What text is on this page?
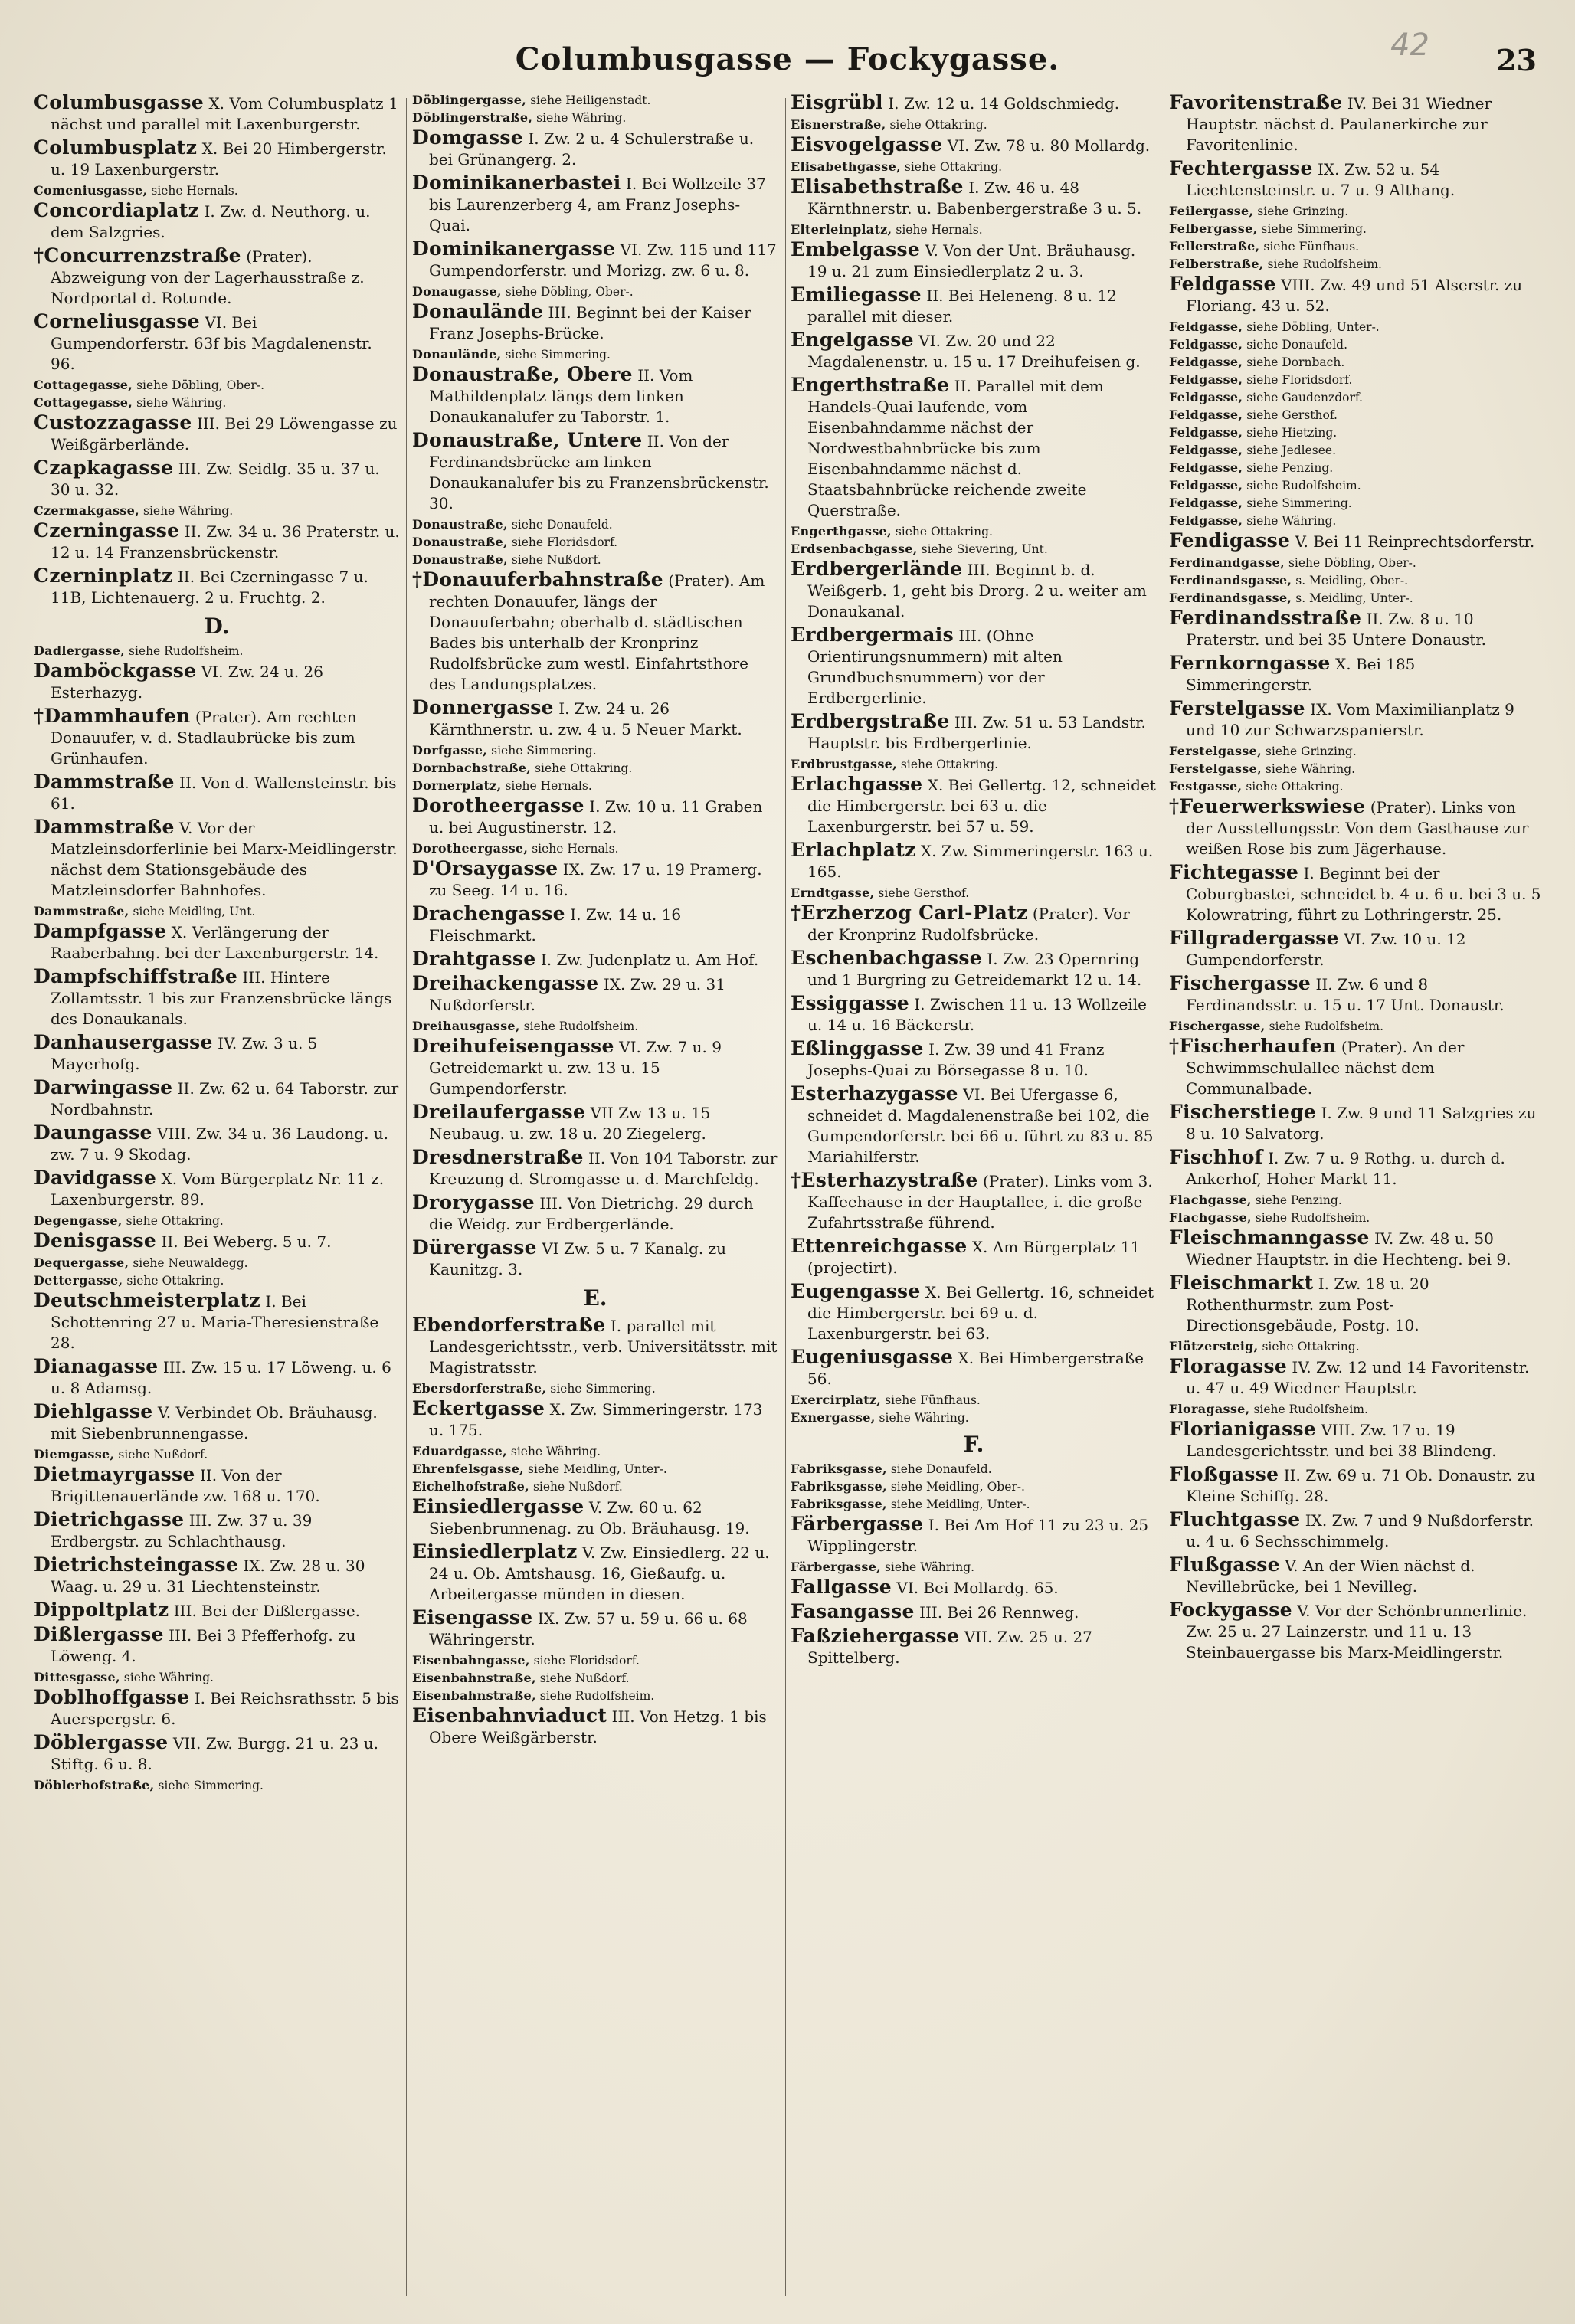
Columbusgasse — Fockygasse.	42 23

Columbusgasse X. Vom Columbusplatz 1 nächst und parallel mit Laxenburgerstr.

Columbusplatz X. Bei 20 Himbergerstr. u. 19 Laxenburgerstr.

Comeniusgasse, siehe Hernals.

Concordiaplatz I. Zw. d. Neuthorg. u. dem Salzgries.

†Concurrenzstraße (Prater). Abzweigung von der Lagerhausstraße z. Nordportal d. Rotunde.

Corneliusgasse VI. Bei Gumpendorferstr. 63f bis Magdalenenstr. 96.

Cottagegasse, siehe Döbling, Ober-.

Cottagegasse, siehe Währing.

Custozzagasse III. Bei 29 Löwengasse zu Weißgärberlände.

Czapkagasse III. Zw. Seidlg. 35 u. 37 u. 30 u. 32.

Czermakgasse, siehe Währing.

Czerningasse II. Zw. 34 u. 36 Praterstr. u. 12 u. 14 Franzensbrückenstr.

Czerninplatz II. Bei Czerningasse 7 u. 11B, Lichtenauerg. 2 u. Fruchtg. 2.

D.

Dadlergasse, siehe Rudolfsheim.

Damböckgasse VI. Zw. 24 u. 26 Esterhazyg.

†Dammhaufen (Prater). Am rechten Donauufer, v. d. Stadlaubrücke bis zum Grünhaufen.

Dammstraße II. Von d. Wallensteinstr. bis 61.

Dammstraße V. Vor der Matzleinsdorferlinie bei Marx-Meidlingerstr. nächst dem Stationsgebäude des Matzleinsdorfer Bahnhofes.

Dammstraße, siehe Meidling, Unt.

Dampfgasse X. Verlängerung der Raaberbahng. bei der Laxenburgerstr. 14.

Dampfschiffstraße III. Hintere Zollamtsstr. 1 bis zur Franzensbrücke längs des Donaukanals.

Danhausergasse IV. Zw. 3 u. 5 Mayerhofg.

Darwingasse II. Zw. 62 u. 64 Taborstr. zur Nordbahnstr.

Daungasse VIII. Zw. 34 u. 36 Laudong. u. zw. 7 u. 9 Skodag.

Davidgasse X. Vom Bürgerplatz Nr. 11 z. Laxenburgerstr. 89.

Degengasse, siehe Ottakring.

Denisgasse II. Bei Weberg. 5 u. 7.

Dequergasse, siehe Neuwaldegg.

Dettergasse, siehe Ottakring.

Deutschmeisterplatz I. Bei Schottenring 27 u. Maria-Theresienstraße 28.

Dianagasse III. Zw. 15 u. 17 Löweng. u. 6 u. 8 Adamsg.

Diehlgasse V. Verbindet Ob. Bräuhausg. mit Siebenbrunnengasse.

Diemgasse, siehe Nußdorf.

Dietmayrgasse II. Von der Brigittenauerlände zw. 168 u. 170.

Dietrichgasse III. Zw. 37 u. 39 Erdbergstr. zu Schlachthausg.

Dietrichsteingasse IX. Zw. 28 u. 30 Waag. u. 29 u. 31 Liechtensteinstr.

Dippoltplatz III. Bei der Dißlergasse.

Dißlergasse III. Bei 3 Pfefferhofg. zu Löweng. 4.

Dittesgasse, siehe Währing.

Doblhoffgasse I. Bei Reichsrathsstr. 5 bis Auerspergstr. 6.

Döblergasse VII. Zw. Burgg. 21 u. 23 u. Stiftg. 6 u. 8.

Döblerhofstraße, siehe Simmering.

Döblingergasse, siehe Heiligenstadt.

Döblingerstraße, siehe Währing.

Domgasse I. Zw. 2 u. 4 Schulerstraße u. bei Grünangerg. 2.

Dominikanerbastei I. Bei Wollzeile 37 bis Laurenzerberg 4, am Franz Josephs-Quai.

Dominikanergasse VI. Zw. 115 und 117 Gumpendorferstr. und Morizg. zw. 6 u. 8.

Donaugasse, siehe Döbling, Ober-.

Donaulände III. Beginnt bei der Kaiser Franz Josephs-Brücke.

Donaulände, siehe Simmering.

Donaustraße, Obere II. Vom Mathildenplatz längs dem linken Donaukanalufer zu Taborstr. 1.

Donaustraße, Untere II. Von der Ferdinandsbrücke am linken Donaukanalufer bis zu Franzensbrückenstr. 30.

Donaustraße, siehe Donaufeld.

Donaustraße, siehe Floridsdorf.

Donaustraße, siehe Nußdorf.

†Donauuferbahnstraße (Prater). Am rechten Donauufer, längs der Donauuferbahn; oberhalb d. städtischen Bades bis unterhalb der Kronprinz Rudolfsbrücke zum westl. Einfahrtsthore des Landungsplatzes.

Donnergasse I. Zw. 24 u. 26 Kärnthnerstr. u. zw. 4 u. 5 Neuer Markt.

Dorfgasse, siehe Simmering.

Dornbachstraße, siehe Ottakring.

Dornerplatz, siehe Hernals.

Dorotheergasse I. Zw. 10 u. 11 Graben u. bei Augustinerstr. 12.

Dorotheergasse, siehe Hernals.

D'Orsaygasse IX. Zw. 17 u. 19 Pramerg. zu Seeg. 14 u. 16.

Drachengasse I. Zw. 14 u. 16 Fleischmarkt.

Drahtgasse I. Zw. Judenplatz u. Am Hof.

Dreihackengasse IX. Zw. 29 u. 31 Nußdorferstr.

Dreihausgasse, siehe Rudolfsheim.

Dreihufeisengasse VI. Zw. 7 u. 9 Getreidemarkt u. zw. 13 u. 15 Gumpendorferstr.

Dreilaufergasse VII Zw 13 u. 15 Neubaug. u. zw. 18 u. 20 Ziegelerg.

Dresdnerstraße II. Von 104 Taborstr. zur Kreuzung d. Stromgasse u. d. Marchfeldg.

Drorygasse III. Von Dietrichg. 29 durch die Weidg. zur Erdbergerlände.

Dürergasse VI Zw. 5 u. 7 Kanalg. zu Kaunitzg. 3.

E.

Ebendorferstraße I. parallel mit Landesgerichtsstr., verb. Universitätsstr. mit Magistratsstr.

Ebersdorferstraße, siehe Simmering.

Eckertgasse X. Zw. Simmeringerstr. 173 u. 175.

Eduardgasse, siehe Währing.

Ehrenfelsgasse, siehe Meidling, Unter-.

Eichelhofstraße, siehe Nußdorf.

Einsiedlergasse V. Zw. 60 u. 62 Siebenbrunnenag. zu Ob. Bräuhausg. 19.

Einsiedlerplatz V. Zw. Einsiedlerg. 22 u. 24 u. Ob. Amtshausg. 16, Gießaufg. u. Arbeitergasse münden in diesen.

Eisengasse IX. Zw. 57 u. 59 u. 66 u. 68 Währingerstr.

Eisenbahngasse, siehe Floridsdorf.

Eisenbahnstraße, siehe Nußdorf.

Eisenbahnstraße, siehe Rudolfsheim.

Eisenbahnviaduct III. Von Hetzg. 1 bis Obere Weißgärberstr.

Eisgrübl I. Zw. 12 u. 14 Goldschmiedg.

Eisnerstraße, siehe Ottakring.

Eisvogelgasse VI. Zw. 78 u. 80 Mollardg.

Elisabethgasse, siehe Ottakring.

Elisabethstraße I. Zw. 46 u. 48 Kärnthnerstr. u. Babenbergerstraße 3 u. 5.

Elterleinplatz, siehe Hernals.

Embelgasse V. Von der Unt. Bräuhausg. 19 u. 21 zum Einsiedlerplatz 2 u. 3.

Emiliegasse II. Bei Heleneng. 8 u. 12 parallel mit dieser.

Engelgasse VI. Zw. 20 und 22 Magdalenenstr. u. 15 u. 17 Dreihufeisen g.

Engerthstraße II. Parallel mit dem Handels-Quai laufende, vom Eisenbahndamme nächst der Nordwestbahnbrücke bis zum Eisenbahndamme nächst d. Staatsbahnbrücke reichende zweite Querstraße.

Engerthgasse, siehe Ottakring.

Erdsenbachgasse, siehe Sievering, Unt.

Erdbergerlände III. Beginnt b. d. Weißgerb. 1, geht bis Drorg. 2 u. weiter am Donaukanal.

Erdbergermais III. (Ohne Orientirungsnummern) mit alten Grundbuchsnummern) vor der Erdbergerlinie.

Erdbergstraße III. Zw. 51 u. 53 Landstr. Hauptstr. bis Erdbergerlinie.

Erdbrustgasse, siehe Ottakring.

Erlachgasse X. Bei Gellertg. 12, schneidet die Himbergerstr. bei 63 u. die Laxenburgerstr. bei 57 u. 59.

Erlachplatz X. Zw. Simmeringerstr. 163 u. 165.

Erndtgasse, siehe Gersthof.

†Erzherzog Carl-Platz (Prater). Vor der Kronprinz Rudolfsbrücke.

Eschenbachgasse I. Zw. 23 Opernring und 1 Burgring zu Getreidemarkt 12 u. 14.

Essiggasse I. Zwischen 11 u. 13 Wollzeile u. 14 u. 16 Bäckerstr.

Eßlinggasse I. Zw. 39 und 41 Franz Josephs-Quai zu Börsegasse 8 u. 10.

Esterhazygasse VI. Bei Ufergasse 6, schneidet d. Magdalenenstraße bei 102, die Gumpendorferstr. bei 66 u. führt zu 83 u. 85 Mariahilferstr.

†Esterhazystraße (Prater). Links vom 3. Kaffeehause in der Hauptallee, i. die große Zufahrtsstraße führend.

Ettenreichgasse X. Am Bürgerplatz 11 (projectirt).

Eugengasse X. Bei Gellertg. 16, schneidet die Himbergerstr. bei 69 u. d. Laxenburgerstr. bei 63.

Eugeniusgasse X. Bei Himbergerstraße 56.

Exercirplatz, siehe Fünfhaus.

Exnergasse, siehe Währing.

F.

Fabriksgasse, siehe Donaufeld.

Fabriksgasse, siehe Meidling, Ober-.

Fabriksgasse, siehe Meidling, Unter-.

Färbergasse I. Bei Am Hof 11 zu 23 u. 25 Wipplingerstr.

Färbergasse, siehe Währing.

Fallgasse VI. Bei Mollardg. 65.

Fasangasse III. Bei 26 Rennweg.

Faßziehergasse VII. Zw. 25 u. 27 Spittelberg.

Favoritenstraße IV. Bei 31 Wiedner Hauptstr. nächst d. Paulanerkirche zur Favoritenlinie.

Fechtergasse IX. Zw. 52 u. 54 Liechtensteinstr. u. 7 u. 9 Althang.

Feilergasse, siehe Grinzing.

Felbergasse, siehe Simmering.

Fellerstraße, siehe Fünfhaus.

Felberstraße, siehe Rudolfsheim.

Feldgasse VIII. Zw. 49 und 51 Alserstr. zu Floriang. 43 u. 52.

Feldgasse, siehe Döbling, Unter-.

Feldgasse, siehe Donaufeld.

Feldgasse, siehe Dornbach.

Feldgasse, siehe Floridsdorf.

Feldgasse, siehe Gaudenzdorf.

Feldgasse, siehe Gersthof.

Feldgasse, siehe Hietzing.

Feldgasse, siehe Jedlesee.

Feldgasse, siehe Penzing.

Feldgasse, siehe Rudolfsheim.

Feldgasse, siehe Simmering.

Feldgasse, siehe Währing.

Fendigasse V. Bei 11 Reinprechtsdorferstr.

Ferdinandgasse, siehe Döbling, Ober-.

Ferdinandsgasse, s. Meidling, Ober-.

Ferdinandsgasse, s. Meidling, Unter-.

Ferdinandsstraße II. Zw. 8 u. 10 Praterstr. und bei 35 Untere Donaustr.

Fernkorngasse X. Bei 185 Simmeringerstr.

Ferstelgasse IX. Vom Maximilianplatz 9 und 10 zur Schwarzspanierstr.

Ferstelgasse, siehe Grinzing.

Ferstelgasse, siehe Währing.

Festgasse, siehe Ottakring.

†Feuerwerkswiese (Prater). Links von der Ausstellungsstr. Von dem Gasthause zur weißen Rose bis zum Jägerhause.

Fichtegasse I. Beginnt bei der Coburgbastei, schneidet b. 4 u. 6 u. bei 3 u. 5 Kolowratring, führt zu Lothringerstr. 25.

Fillgradergasse VI. Zw. 10 u. 12 Gumpendorferstr.

Fischergasse II. Zw. 6 und 8 Ferdinandsstr. u. 15 u. 17 Unt. Donaustr.

Fischergasse, siehe Rudolfsheim.

†Fischerhaufen (Prater). An der Schwimmschulallee nächst dem Communalbade.

Fischerstiege I. Zw. 9 und 11 Salzgries zu 8 u. 10 Salvatorg.

Fischhof I. Zw. 7 u. 9 Rothg. u. durch d. Ankerhof, Hoher Markt 11.

Flachgasse, siehe Penzing.

Flachgasse, siehe Rudolfsheim.

Fleischmanngasse IV. Zw. 48 u. 50 Wiedner Hauptstr. in die Hechteng. bei 9.

Fleischmarkt I. Zw. 18 u. 20 Rothenthurmstr. zum Post-Directionsgebäude, Postg. 10.

Flötzersteig, siehe Ottakring.

Floragasse IV. Zw. 12 und 14 Favoritenstr. u. 47 u. 49 Wiedner Hauptstr.

Floragasse, siehe Rudolfsheim.

Florianigasse VIII. Zw. 17 u. 19 Landesgerichtsstr. und bei 38 Blindeng.

Floßgasse II. Zw. 69 u. 71 Ob. Donaustr. zu Kleine Schiffg. 28.

Fluchtgasse IX. Zw. 7 und 9 Nußdorferstr. u. 4 u. 6 Sechsschimmelg.

Flußgasse V. An der Wien nächst d. Nevillebrücke, bei 1 Nevilleg.

Fockygasse V. Vor der Schönbrunnerlinie. Zw. 25 u. 27 Lainzerstr. und 11 u. 13 Steinbauergasse bis Marx-Meidlingerstr.
